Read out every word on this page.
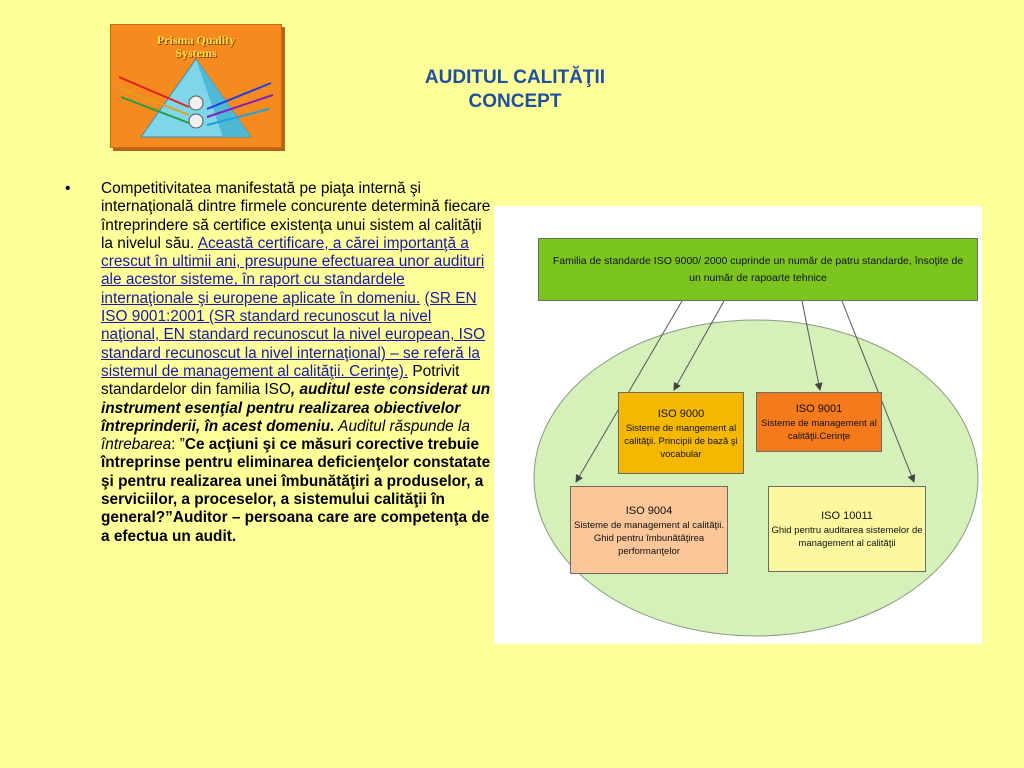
Prisma Quality
Systems
AUDITUL CALITĂŢII
CONCEPT
• Competitivitatea manifestată pe piaţa internă şi internaţională dintre firmele concurente determină fiecare întreprindere să certifice existenţa unui sistem al calităţii la nivelul său. Această certificare, a cărei importanţă a crescut în ultimii ani, presupune efectuarea unor audituri ale acestor sisteme, în raport cu standardele internaţionale şi europene aplicate în domeniu. (SR EN ISO 9001:2001 (SR standard recunoscut la nivel naţional, EN standard recunoscut la nivel european, ISO standard recunoscut la nivel internaţional) – se referă la sistemul de management al calităţii. Cerinţe). Potrivit standardelor din familia ISO, auditul este considerat un instrument esenţial pentru realizarea obiectivelor întreprinderii, în acest domeniu. Auditul răspunde la întrebarea: ”Ce acţiuni şi ce măsuri corective trebuie întreprinse pentru eliminarea deficienţelor constatate şi pentru realizarea unei îmbunătăţiri a produselor, a serviciilor, a proceselor, a sistemului calităţii în general?”Auditor – persoana care are competenţa de a efectua un audit.
Familia de standarde ISO 9000/ 2000 cuprinde un număr de patru standarde, însoţite de un număr de rapoarte tehnice
ISO 9000
Sisteme de mangement al calităţii. Principii de bază şi vocabular
ISO 9001
Sisteme de management al calităţii.Cerinţe
ISO 9004
Sisteme de management al calităţii. Ghid pentru îmbunătăţirea performanţelor
ISO 10011
Ghid pentru auditarea sistemelor de management al calităţii
